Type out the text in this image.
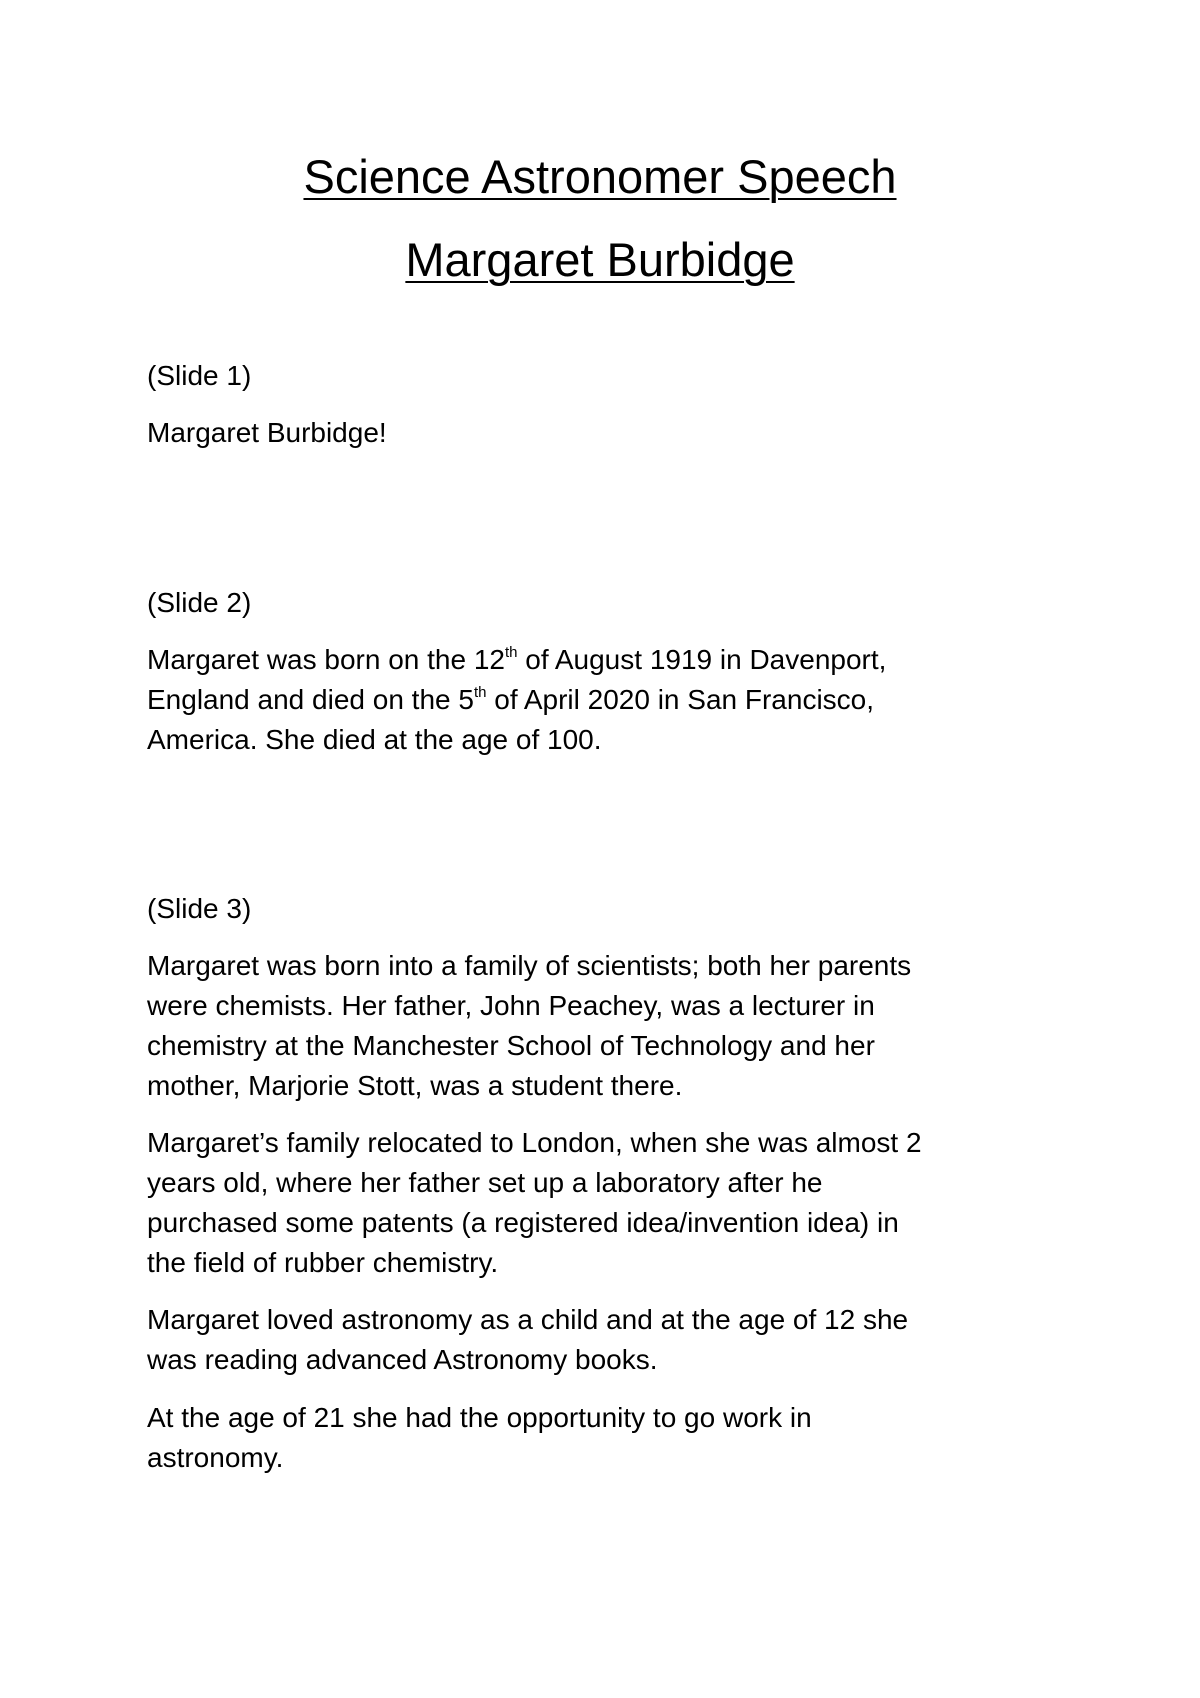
Science Astronomer Speech
Margaret Burbidge

(Slide 1)

Margaret Burbidge!

(Slide 2)

Margaret was born on the 12th of August 1919 in Davenport,
England and died on the 5th of April 2020 in San Francisco,
America. She died at the age of 100.

(Slide 3)

Margaret was born into a family of scientists; both her parents
were chemists. Her father, John Peachey, was a lecturer in
chemistry at the Manchester School of Technology and her
mother, Marjorie Stott, was a student there.

Margaret’s family relocated to London, when she was almost 2
years old, where her father set up a laboratory after he
purchased some patents (a registered idea/invention idea) in
the field of rubber chemistry.

Margaret loved astronomy as a child and at the age of 12 she
was reading advanced Astronomy books.

At the age of 21 she had the opportunity to go work in
astronomy.
